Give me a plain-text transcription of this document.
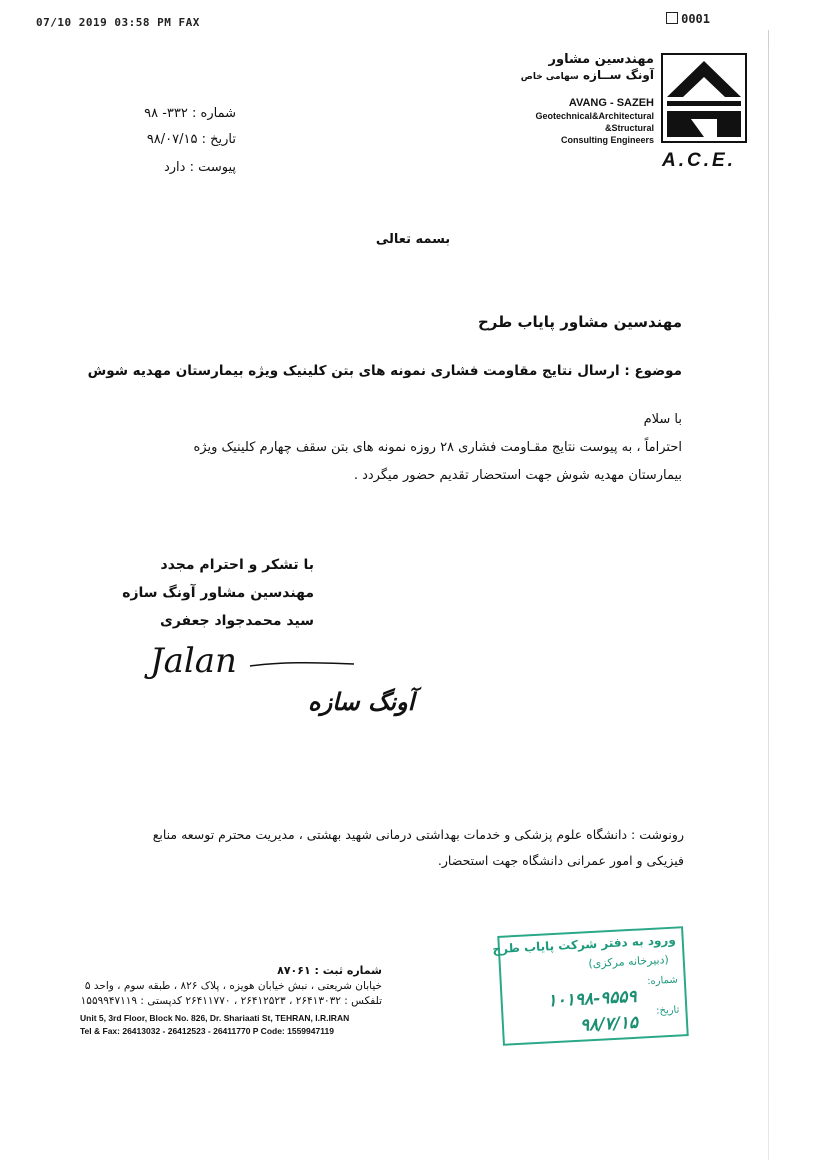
07/10 2019 03:58 PM FAX	0001
مهندسین مشاور
آونگ ســازه سهامی خاص
AVANG - SAZEH
Geotechnical&Architectural
&Structural
Consulting Engineers
A.C.E.
شماره : ۳۳۲- ۹۸
تاریخ : ۹۸/۰۷/۱۵
پیوست : دارد
بسمه تعالی
مهندسین مشاور پایاب طرح
موضوع : ارسال نتایج مقاومت فشاری نمونه های بتن کلینیک ویژه بیمارستان مهدیه شوش
با سلام
احتراماً ، به پیوست نتایج مقـاومت فشاری ۲۸ روزه نمونه های بتن سقف چهارم کلینیک ویژه
بیمارستان مهدیه شوش جهت استحضار تقدیم حضور میگردد .
با تشکر و احترام مجدد
مهندسین مشاور آونگ سازه
سید محمدجواد جعفری
Jalan
آونگ سازه
رونوشت : دانشگاه علوم پزشکی و خدمات بهداشتی درمانی شهید بهشتی ، مدیریت محترم توسعه منابع
فیزیکی و امور عمرانی دانشگاه جهت استحضار.
شماره ثبت : ۸۷۰۶۱
خیابان شریعتی ، نبش خیابان هویزه ، پلاک ۸۲۶ ، طبقه سوم ، واحد ۵
تلفکس : ۲۶۴۱۳۰۳۲ ، ۲۶۴۱۲۵۲۳ ، ۲۶۴۱۱۷۷۰ کدپستی : ۱۵۵۹۹۴۷۱۱۹
Unit 5, 3rd Floor, Block No. 826, Dr. Shariaati St, TEHRAN, I.R.IRAN
Tel & Fax: 26413032 - 26412523 - 26411770 P Code: 1559947119
ورود به دفتر شرکت پایاب طرح
(دبیرخانه مرکزی)
شماره:
۱۰۱۹۸-۹۵۵۹ تاریخ:
۹۸/۷/۱۵
